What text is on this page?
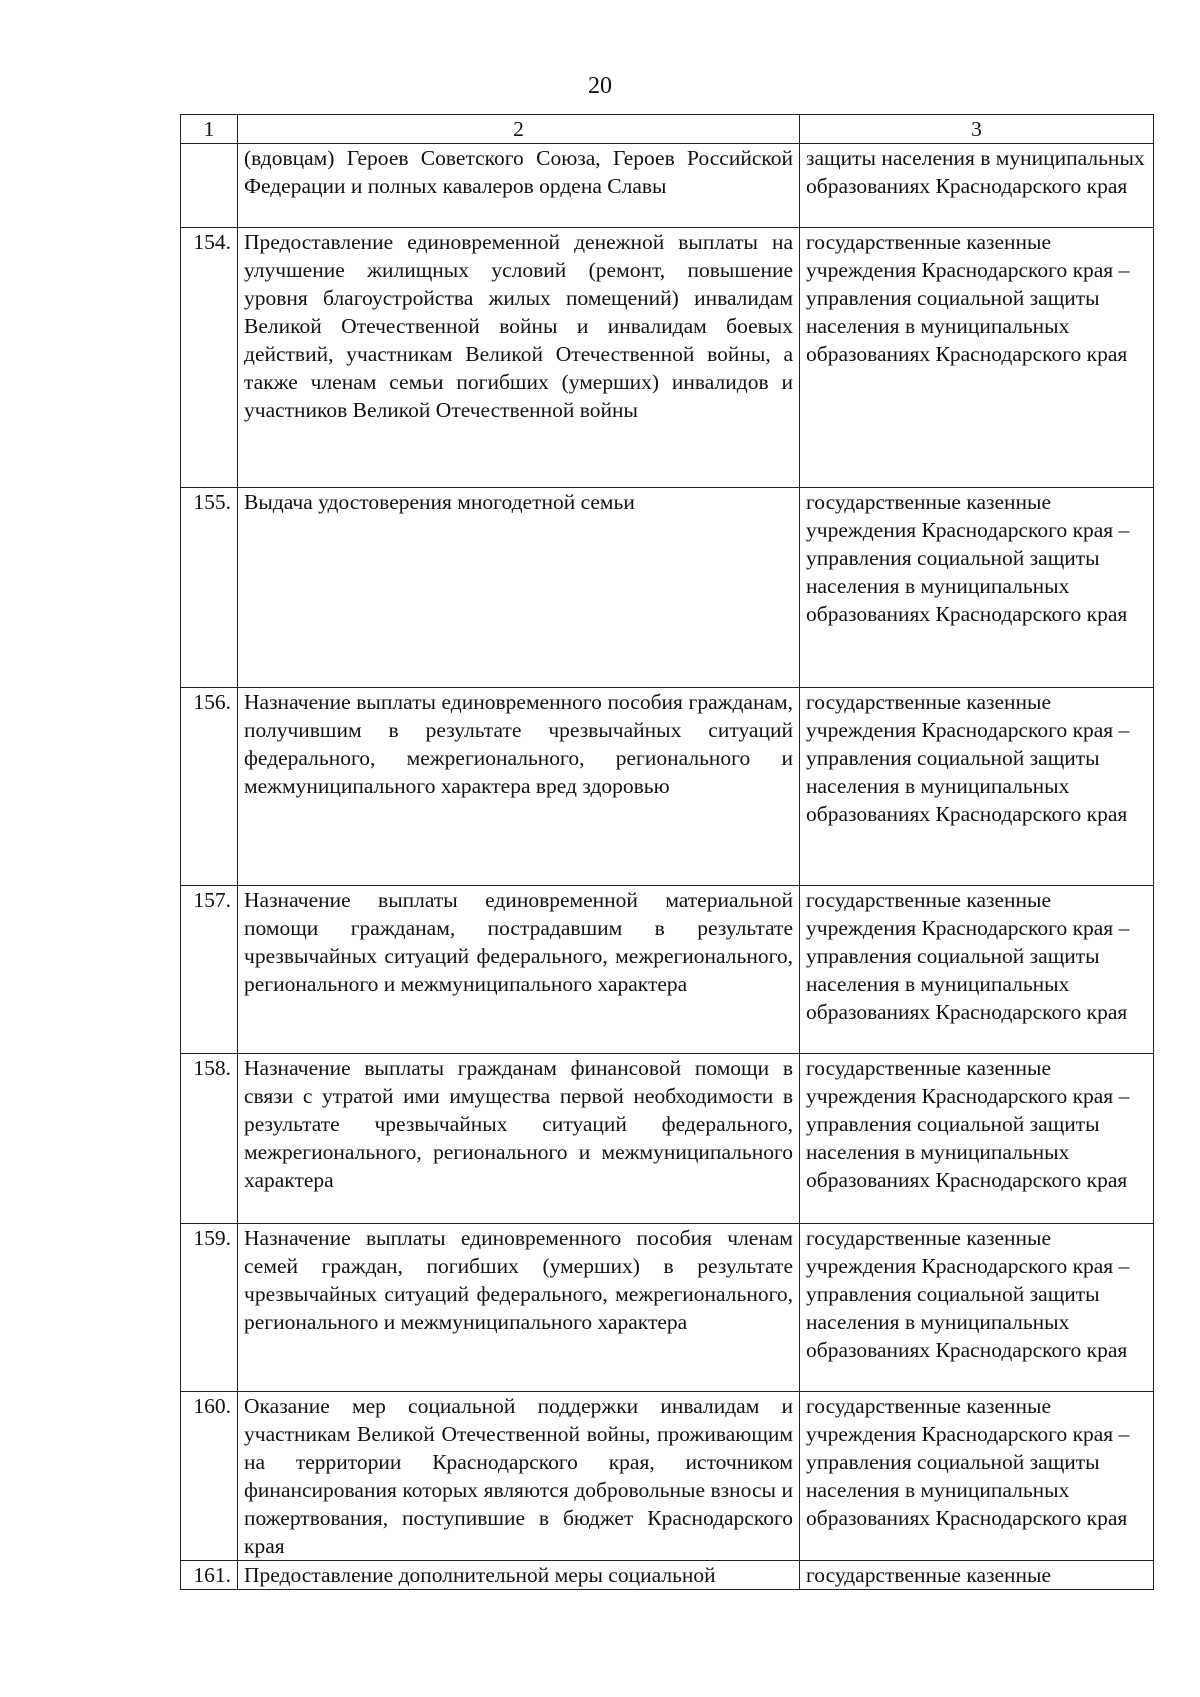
20
1	2	3
	(вдовцам) Героев Советского Союза, Героев Российской Федерации и полных кавалеров ордена Славы	защиты населения в муниципальных образованиях Краснодарского края
154.	Предоставление единовременной денежной выплаты на улучшение жилищных условий (ремонт, повышение уровня благоустройства жилых помещений) инвалидам Великой Отечественной войны и инвалидам боевых действий, участникам Великой Отечественной войны, а также членам семьи погибших (умерших) инвалидов и участников Великой Отечественной войны	государственные казенные учреждения Краснодарского края – управления социальной защиты населения в муниципальных образованиях Краснодарского края
155.	Выдача удостоверения многодетной семьи	государственные казенные учреждения Краснодарского края – управления социальной защиты населения в муниципальных образованиях Краснодарского края
156.	Назначение выплаты единовременного пособия гражданам, получившим в результате чрезвычайных ситуаций федерального, межрегионального, регионального и межмуниципального характера вред здоровью	государственные казенные учреждения Краснодарского края – управления социальной защиты населения в муниципальных образованиях Краснодарского края
157.	Назначение выплаты единовременной материальной помощи гражданам, пострадавшим в результате чрезвычайных ситуаций федерального, межрегионального, регионального и межмуниципального характера	государственные казенные учреждения Краснодарского края – управления социальной защиты населения в муниципальных образованиях Краснодарского края
158.	Назначение выплаты гражданам финансовой помощи в связи с утратой ими имущества первой необходимости в результате чрезвычайных ситуаций федерального, межрегионального, регионального и межмуниципального характера	государственные казенные учреждения Краснодарского края – управления социальной защиты населения в муниципальных образованиях Краснодарского края
159.	Назначение выплаты единовременного пособия членам семей граждан, погибших (умерших) в результате чрезвычайных ситуаций федерального, межрегионального, регионального и межмуниципального характера	государственные казенные учреждения Краснодарского края – управления социальной защиты населения в муниципальных образованиях Краснодарского края
160.	Оказание мер социальной поддержки инвалидам и участникам Великой Отечественной войны, проживающим на территории Краснодарского края, источником финансирования которых являются добровольные взносы и пожертвования, поступившие в бюджет Краснодарского края	государственные казенные учреждения Краснодарского края – управления социальной защиты населения в муниципальных образованиях Краснодарского края
161.	Предоставление дополнительной меры социальной	государственные казенные
